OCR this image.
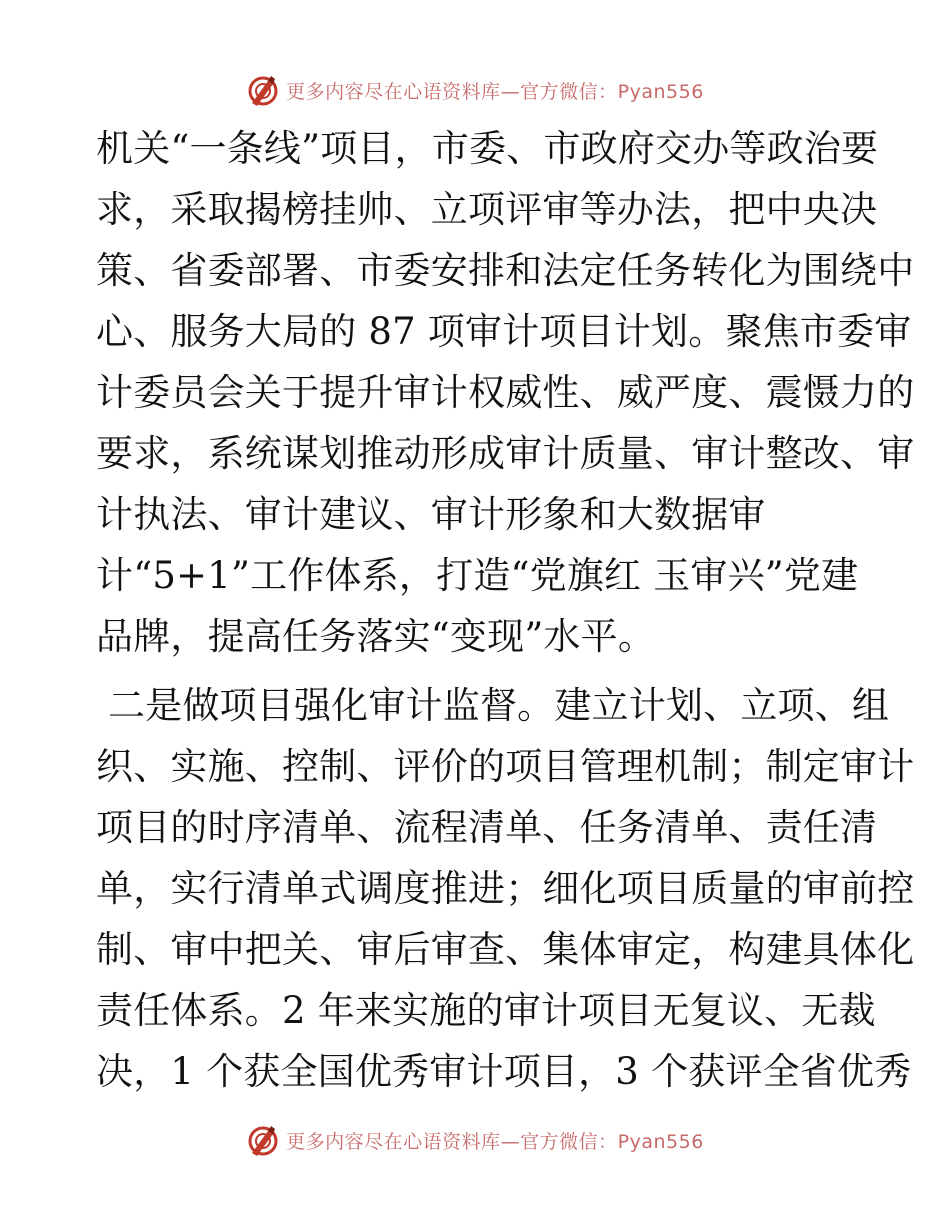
更多内容尽在心语资料库—官方微信：Pyan556
机关“一条线”项目，市委、市政府交办等政治要
求，采取揭榜挂帅、立项评审等办法，把中央决
策、省委部署、市委安排和法定任务转化为围绕中
心、服务大局的 87 项审计项目计划。聚焦市委审
计委员会关于提升审计权威性、威严度、震慑力的
要求，系统谋划推动形成审计质量、审计整改、审
计执法、审计建议、审计形象和大数据审
计“5+1”工作体系，打造“党旗红 玉审兴”党建
品牌，提高任务落实“变现”水平。
二是做项目强化审计监督。建立计划、立项、组
织、实施、控制、评价的项目管理机制；制定审计
项目的时序清单、流程清单、任务清单、责任清
单，实行清单式调度推进；细化项目质量的审前控
制、审中把关、审后审查、集体审定，构建具体化
责任体系。2 年来实施的审计项目无复议、无裁
决，1 个获全国优秀审计项目，3 个获评全省优秀
更多内容尽在心语资料库—官方微信：Pyan556
